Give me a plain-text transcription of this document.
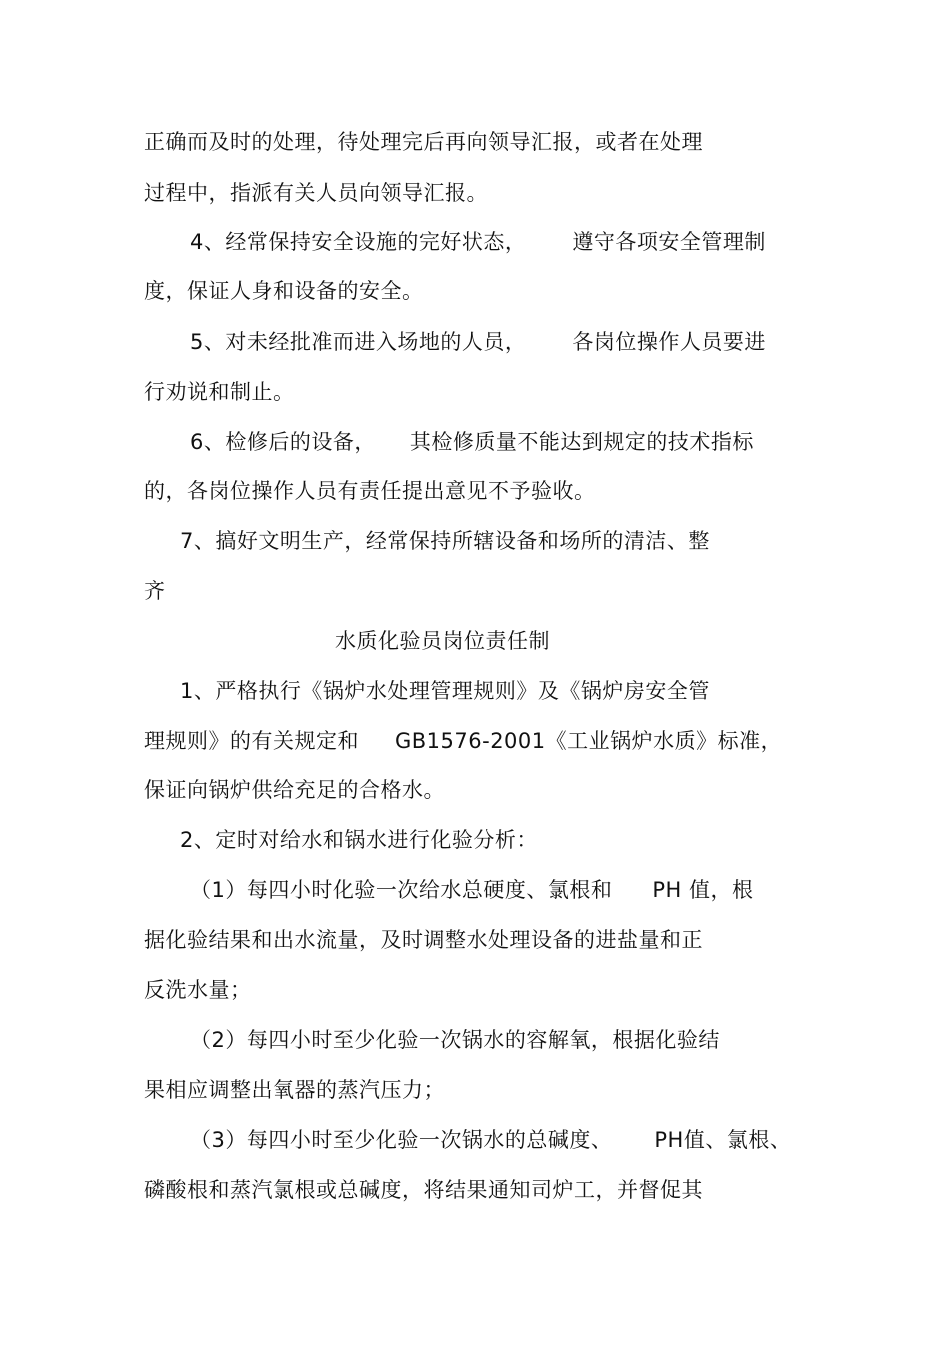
正确而及时的处理，待处理完后再向领导汇报，或者在处理
过程中，指派有关人员向领导汇报。
4、经常保持安全设施的完好状态， 遵守各项安全管理制
度，保证人身和设备的安全。
5、对未经批准而进入场地的人员， 各岗位操作人员要进
行劝说和制止。
6、检修后的设备， 其检修质量不能达到规定的技术指标
的，各岗位操作人员有责任提出意见不予验收。
7、搞好文明生产，经常保持所辖设备和场所的清洁、整
齐
水质化验员岗位责任制
1、严格执行《锅炉水处理管理规则》及《锅炉房安全管
理规则》的有关规定和 GB1576-2001《工业锅炉水质》标准，
保证向锅炉供给充足的合格水。
2、定时对给水和锅水进行化验分析：
（1）每四小时化验一次给水总硬度、氯根和 PH 值，根
据化验结果和出水流量，及时调整水处理设备的进盐量和正
反洗水量；
（2）每四小时至少化验一次锅水的容解氧，根据化验结
果相应调整出氧器的蒸汽压力；
（3）每四小时至少化验一次锅水的总碱度、 PH值、氯根、
磷酸根和蒸汽氯根或总碱度，将结果通知司炉工，并督促其
